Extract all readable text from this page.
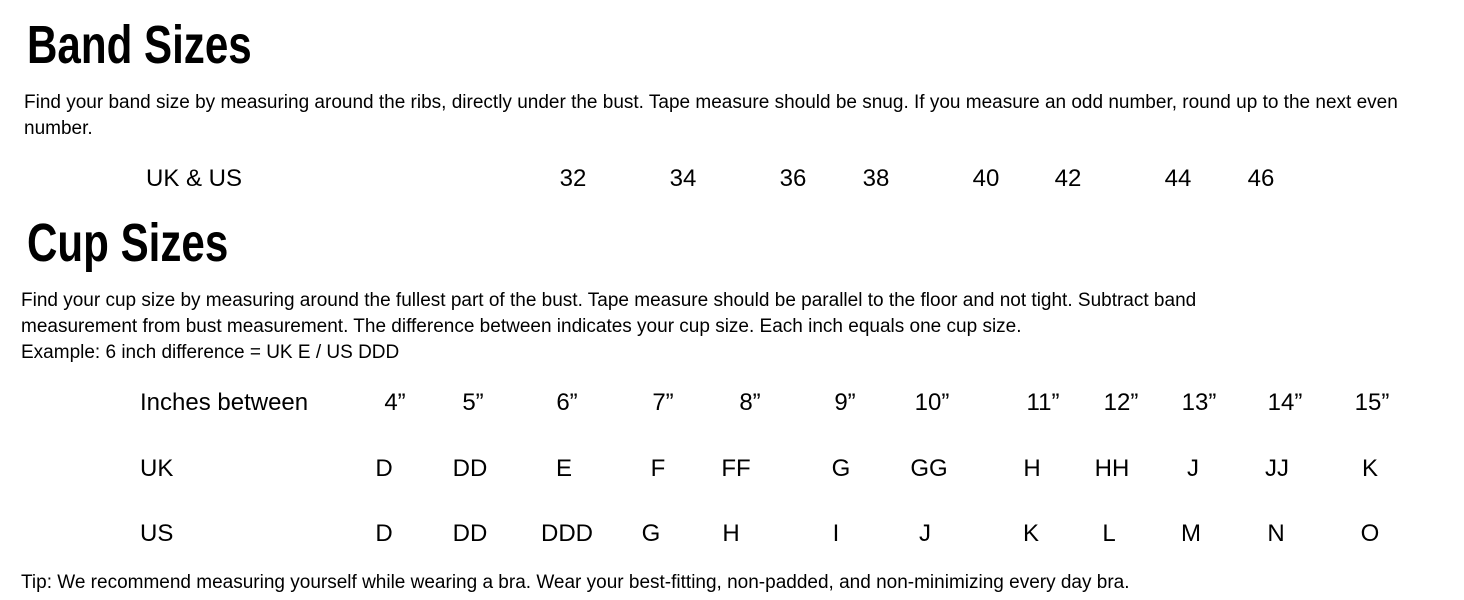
Band Sizes
Find your band size by measuring around the ribs, directly under the bust. Tape measure should be snug. If you measure an odd number, round up to the next even number.
UK & US	32	34	36	38	40	42	44	46
Cup Sizes
Find your cup size by measuring around the fullest part of the bust. Tape measure should be parallel to the floor and not tight. Subtract band
measurement from bust measurement. The difference between indicates your cup size. Each inch equals one cup size.
Example: 6 inch difference = UK E / US DDD
Inches between	4”	5”	6”	7”	8”	9”	10”	11”	12”	13”	14”	15”
UK	D	DD	E	F	FF	G	GG	H	HH	J	JJ	K
US	D	DD	DDD	G	H	I	J	K	L	M	N	O
Tip: We recommend measuring yourself while wearing a bra. Wear your best-fitting, non-padded, and non-minimizing every day bra.
